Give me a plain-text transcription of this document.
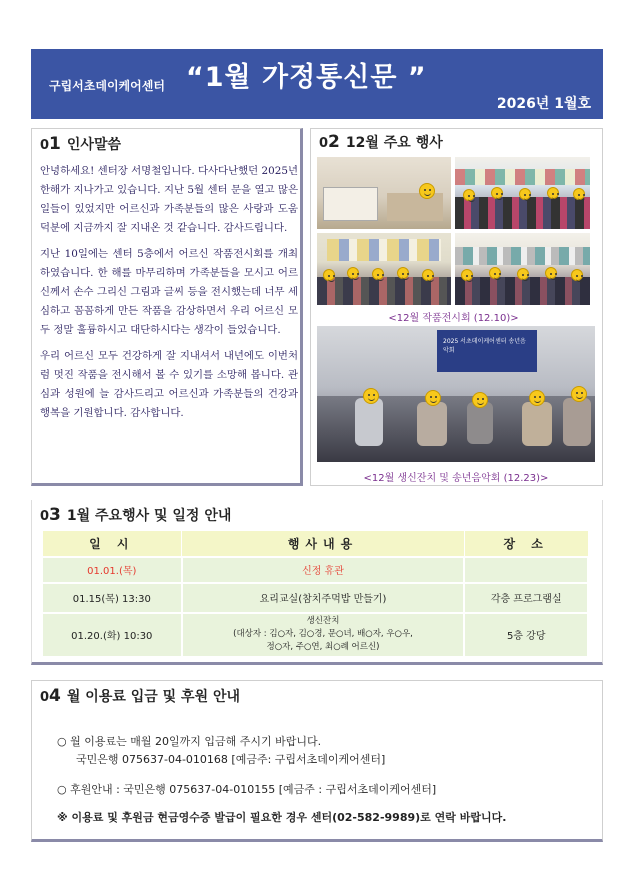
구립서초데이케어센터 “1월 가정통신문 ”
2026년 1월호
01 인사말씀

안녕하세요! 센터장 서명철입니다. 다사다난했던 2025년 한해가 지나가고 있습니다. 지난 5월 센터 문을 열고 많은 일들이 있었지만 어르신과 가족분들의 많은 사랑과 도움 덕분에 지금까지 잘 지내온 것 같습니다. 감사드립니다.

지난 10일에는 센터 5층에서 어르신 작품전시회를 개최하였습니다. 한 해를 마무리하며 가족분들을 모시고 어르신께서 손수 그리신 그림과 글씨 등을 전시했는데 너무 세심하고 꼼꼼하게 만든 작품을 감상하면서 우리 어르신 모두 정말 훌륭하시고 대단하시다는 생각이 들었습니다.

우리 어르신 모두 건강하게 잘 지내셔서 내년에도 이번처럼 멋진 작품을 전시해서 볼 수 있기를 소망해 봅니다. 관심과 성원에 늘 감사드리고 어르신과 가족분들의 건강과 행복을 기원합니다. 감사합니다.

02 12월 주요 행사
<12월 작품전시회 (12.10)>
2025 서초데이케어센터 송년음악회
<12월 생신잔치 및 송년음악회 (12.23)>
03 1월 주요행사 및 일정 안내
일 시	행사내용	장 소
01.01.(목)	신정 휴관	
01.15(목) 13:30	요리교실(참치주먹밥 만들기)	각층 프로그램실
01.20.(화) 10:30	생신잔치
(대상자 : 김○자, 김○경, 문○녀, 배○자, 우○우,
정○자, 주○연, 최○례 어르신)	5층 강당
04 월 이용료 입금 및 후원 안내
○ 월 이용료는 매월 20일까지 입금해 주시기 바랍니다.
국민은행 075637-04-010168 [예금주: 구립서초데이케어센터]
○ 후원안내 : 국민은행 075637-04-010155 [예금주 : 구립서초데이케어센터]
※ 이용료 및 후원금 현금영수증 발급이 필요한 경우 센터(02-582-9989)로 연락 바랍니다.
